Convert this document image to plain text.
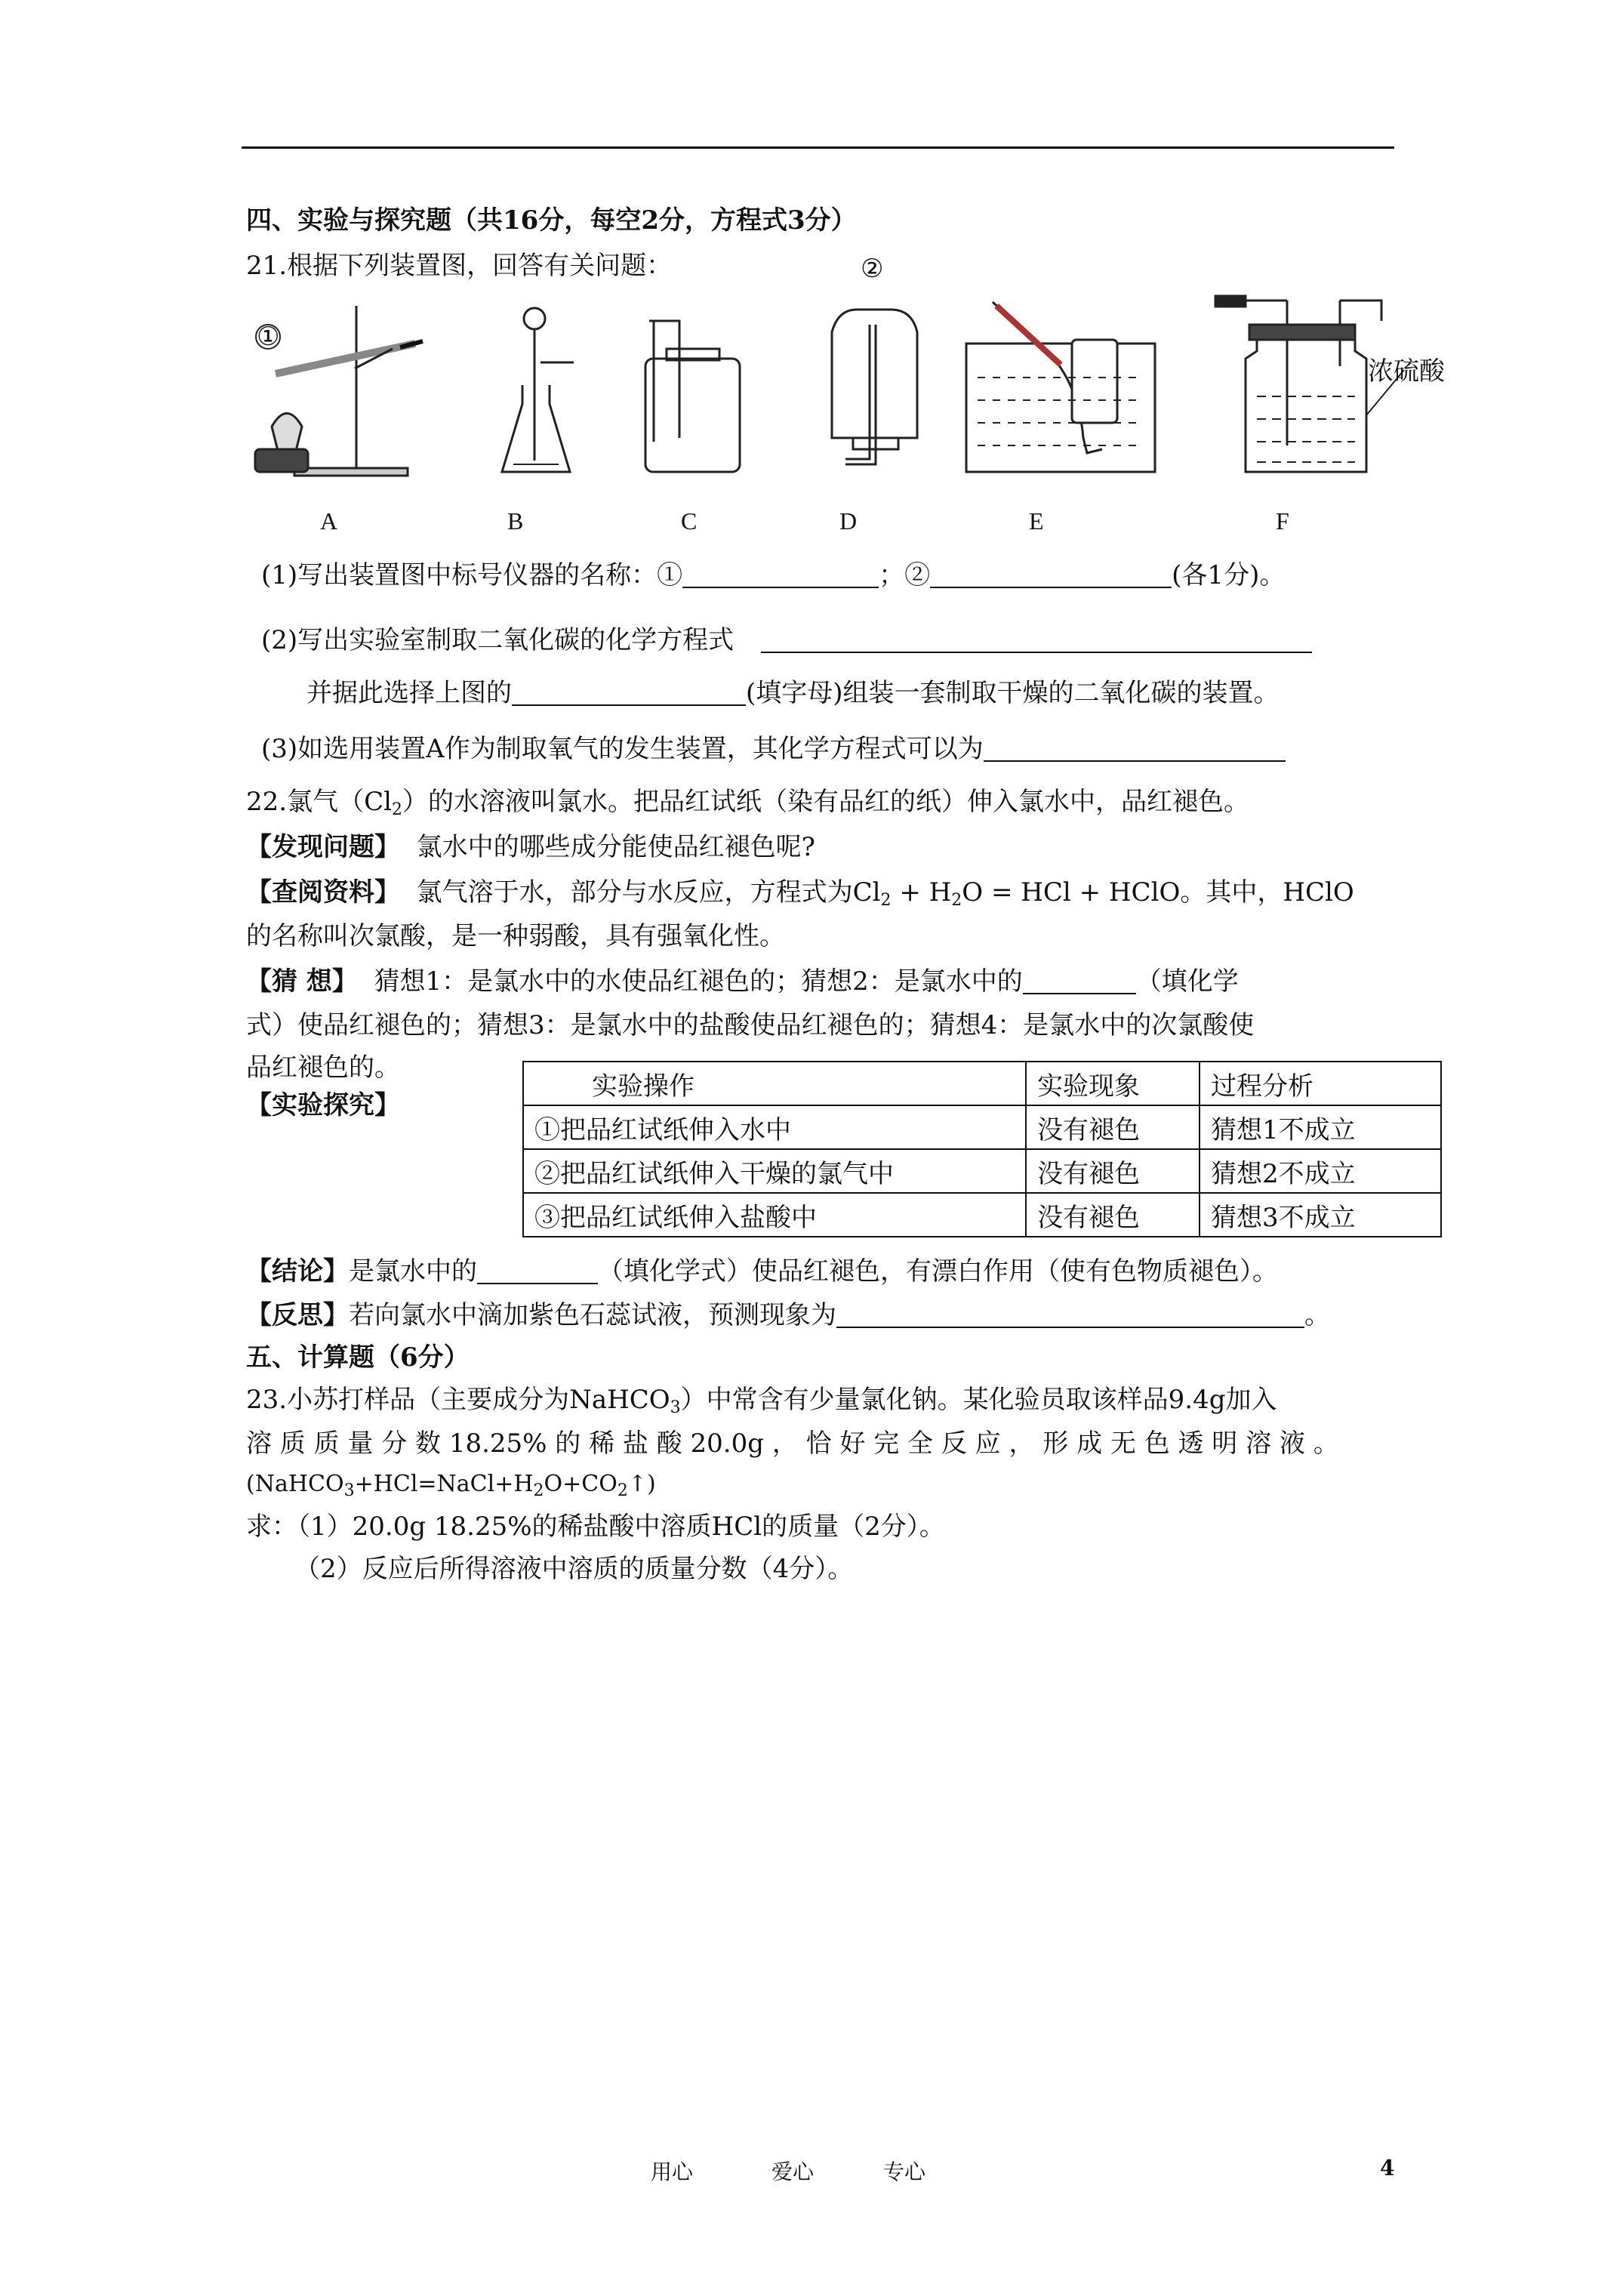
四、实验与探究题（共16分，每空2分，方程式3分）
21.根据下列装置图，回答有关问题：	②
①
浓硫酸
A	B	C	D	E	F
(1)写出装置图中标号仪器的名称：①	；②	(各1分)。
(2)写出实验室制取二氧化碳的化学方程式
并据此选择上图的	(填字母)组装一套制取干燥的二氧化碳的装置。
(3)如选用装置A作为制取氧气的发生装置，其化学方程式可以为
22.氯气$(Cl_2)$的水溶液叫氯水。把品红试纸（染有品红的纸）伸入氯水中，品红褪色。
【发现问题】 氯水中的哪些成分能使品红褪色呢?
【查阅资料】 氯气溶于水，部分与水反应，方程式为$Cl_2 + H_2O$ = HCl + HClO。其中，HClO
的名称叫次氯酸，是一种弱酸，具有强氧化性。
【猜 想】 猜想1：是氯水中的水使品红褪色的；猜想2：是氯水中的	（填化学
式）使品红褪色的；猜想3：是氯水中的盐酸使品红褪色的；猜想4：是氯水中的次氯酸使
品红褪色的。
【实验探究】
实验操作	实验现象	过程分析
①把品红试纸伸入水中	没有褪色	猜想1不成立
②把品红试纸伸入干燥的氯气中	没有褪色	猜想2不成立
③把品红试纸伸入盐酸中	没有褪色	猜想3不成立
【结论】是氯水中的	（填化学式）使品红褪色，有漂白作用（使有色物质褪色）。
【反思】若向氯水中滴加紫色石蕊试液，预测现象为	。
五、计算题（6分）
23.小苏打样品（主要成分为NaHCO$_3$）中常含有少量氯化钠。某化验员取该样品9.4g加入
溶 质 质 量 分 数 18.25% 的 稀 盐 酸 20.0g ， 恰 好 完 全 反 应 ， 形 成 无 色 透 明 溶 液 。
$(NaHCO_3+HCl=NaCl+H_2O+CO_2↑)$
求：（1）20.0g 18.25%的稀盐酸中溶质HCl的质量（2分）。
（2）反应后所得溶液中溶质的质量分数（4分）。
用心	爱心	专心	4
